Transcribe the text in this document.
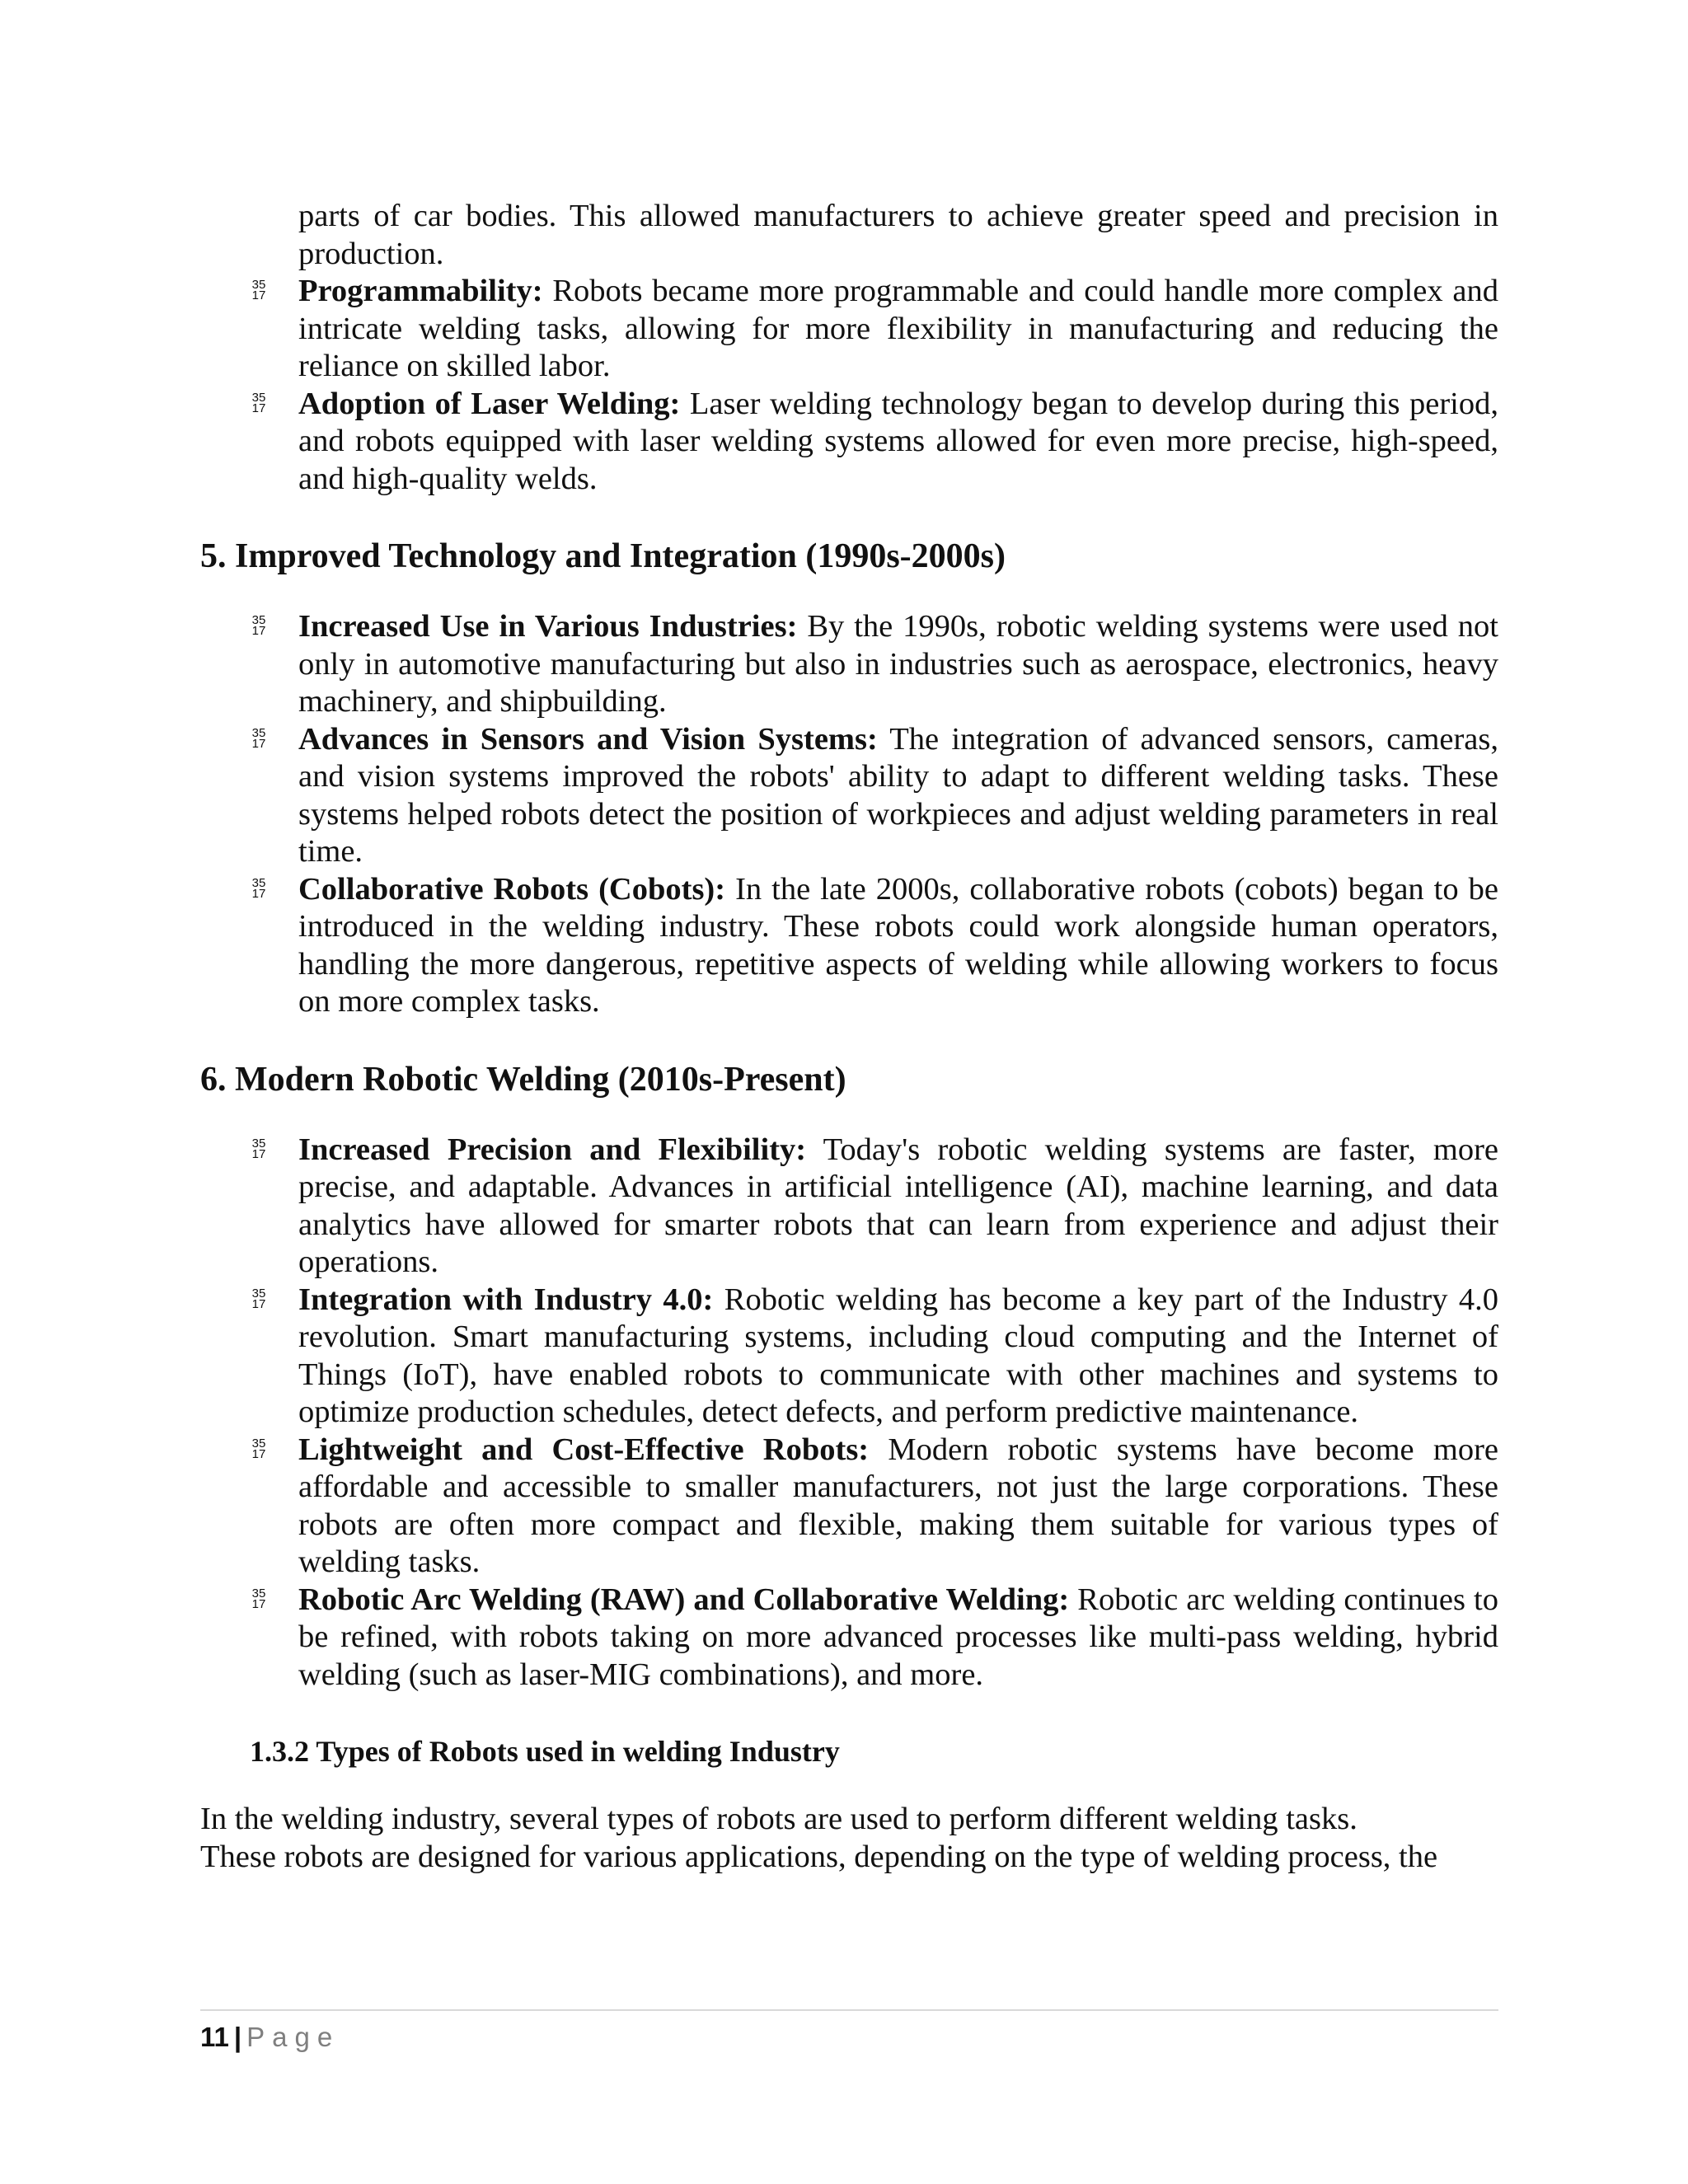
parts of car bodies. This allowed manufacturers to achieve greater speed and precision in production.
35
17 Programmability: Robots became more programmable and could handle more complex and intricate welding tasks, allowing for more flexibility in manufacturing and reducing the reliance on skilled labor.
35
17 Adoption of Laser Welding: Laser welding technology began to develop during this period, and robots equipped with laser welding systems allowed for even more precise, high-speed, and high-quality welds.
5. Improved Technology and Integration (1990s-2000s)
35
17 Increased Use in Various Industries: By the 1990s, robotic welding systems were used not only in automotive manufacturing but also in industries such as aerospace, electronics, heavy machinery, and shipbuilding.
35
17 Advances in Sensors and Vision Systems: The integration of advanced sensors, cameras, and vision systems improved the robots' ability to adapt to different welding tasks. These systems helped robots detect the position of workpieces and adjust welding parameters in real time.
35
17 Collaborative Robots (Cobots): In the late 2000s, collaborative robots (cobots) began to be introduced in the welding industry. These robots could work alongside human operators, handling the more dangerous, repetitive aspects of welding while allowing workers to focus on more complex tasks.
6. Modern Robotic Welding (2010s-Present)
35
17 Increased Precision and Flexibility: Today's robotic welding systems are faster, more precise, and adaptable. Advances in artificial intelligence (AI), machine learning, and data analytics have allowed for smarter robots that can learn from experience and adjust their operations.
35
17 Integration with Industry 4.0: Robotic welding has become a key part of the Industry 4.0 revolution. Smart manufacturing systems, including cloud computing and the Internet of Things (IoT), have enabled robots to communicate with other machines and systems to optimize production schedules, detect defects, and perform predictive maintenance.
35
17 Lightweight and Cost-Effective Robots: Modern robotic systems have become more affordable and accessible to smaller manufacturers, not just the large corporations. These robots are often more compact and flexible, making them suitable for various types of welding tasks.
35
17 Robotic Arc Welding (RAW) and Collaborative Welding: Robotic arc welding continues to be refined, with robots taking on more advanced processes like multi-pass welding, hybrid welding (such as laser-MIG combinations), and more.
1.3.2 Types of Robots used in welding Industry
In the welding industry, several types of robots are used to perform different welding tasks.
These robots are designed for various applications, depending on the type of welding process, the
11 | Page
